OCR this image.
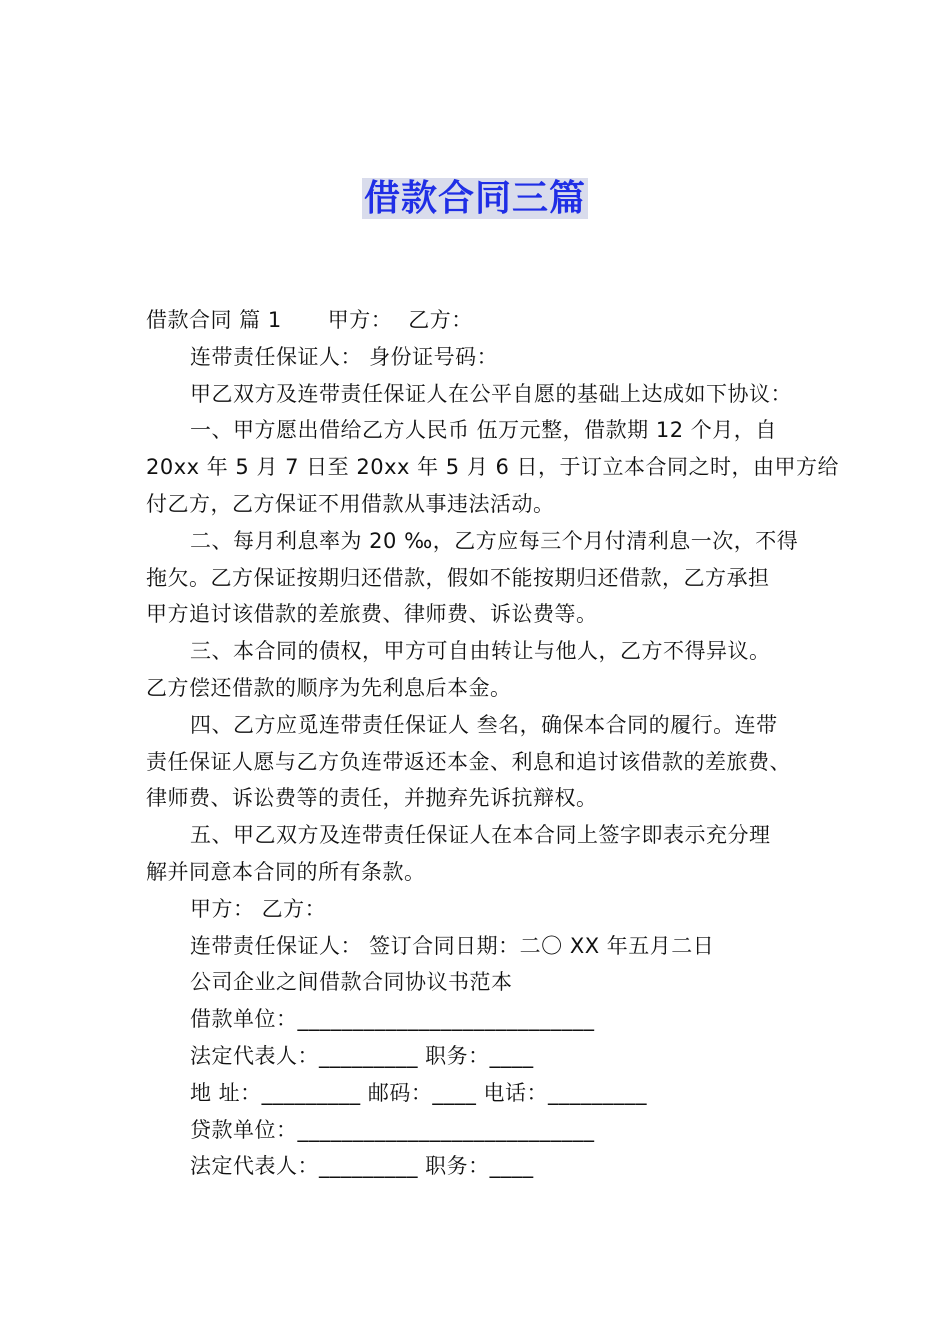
借款合同三篇
借款合同 篇 1 甲方： 乙方：
连带责任保证人： 身份证号码：
甲乙双方及连带责任保证人在公平自愿的基础上达成如下协议：
一、甲方愿出借给乙方人民币 伍万元整，借款期 12 个月，自
20xx 年 5 月 7 日至 20xx 年 5 月 6 日，于订立本合同之时，由甲方给
付乙方，乙方保证不用借款从事违法活动。
二、每月利息率为 20 ‰，乙方应每三个月付清利息一次，不得
拖欠。乙方保证按期归还借款，假如不能按期归还借款，乙方承担
甲方追讨该借款的差旅费、律师费、诉讼费等。
三、本合同的债权，甲方可自由转让与他人，乙方不得异议。
乙方偿还借款的顺序为先利息后本金。
四、乙方应觅连带责任保证人 叁名，确保本合同的履行。连带
责任保证人愿与乙方负连带返还本金、利息和追讨该借款的差旅费、
律师费、诉讼费等的责任，并抛弃先诉抗辩权。
五、甲乙双方及连带责任保证人在本合同上签字即表示充分理
解并同意本合同的所有条款。
甲方： 乙方：
连带责任保证人： 签订合同日期：二〇 XX 年五月二日
公司企业之间借款合同协议书范本
借款单位：___________________________
法定代表人：_________ 职务：____
地 址：_________ 邮码：____ 电话：_________
贷款单位：___________________________
法定代表人：_________ 职务：____
